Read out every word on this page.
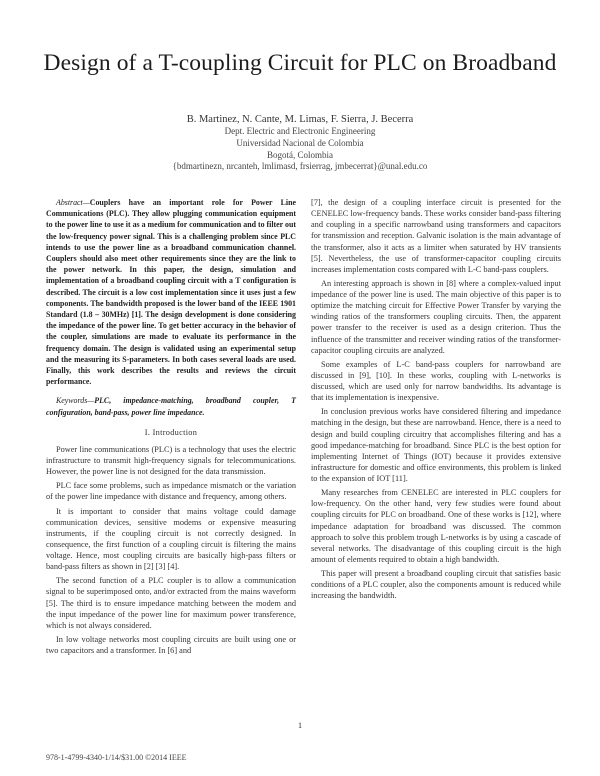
Design of a T-coupling Circuit for PLC on Broadband
B. Martinez, N. Cante, M. Limas, F. Sierra, J. Becerra
Dept. Electric and Electronic Engineering
Universidad Nacional de Colombia
Bogotá, Colombia
{bdmartinezn, nrcanteh, lmlimasd, frsierrag, jmbecerrat}@unal.edu.co

Abstract—Couplers have an important role for Power Line Communications (PLC). They allow plugging communication equipment to the power line to use it as a medium for communication and to filter out the low-frequency power signal. This is a challenging problem since PLC intends to use the power line as a broadband communication channel. Couplers should also meet other requirements since they are the link to the power network. In this paper, the design, simulation and implementation of a broadband coupling circuit with a T configuration is described. The circuit is a low cost implementation since it uses just a few components. The bandwidth proposed is the lower band of the IEEE 1901 Standard (1.8 – 30MHz) [1]. The design development is done considering the impedance of the power line. To get better accuracy in the behavior of the coupler, simulations are made to evaluate its performance in the frequency domain. The design is validated using an experimental setup and the measuring its S-parameters. In both cases several loads are used. Finally, this work describes the results and reviews the circuit performance.

Keywords—PLC, impedance-matching, broadband coupler, T configuration, band-pass, power line impedance.

I. Introduction

Power line communications (PLC) is a technology that uses the electric infrastructure to transmit high-frequency signals for telecommunications. However, the power line is not designed for the data transmission.

PLC face some problems, such as impedance mismatch or the variation of the power line impedance with distance and frequency, among others.

It is important to consider that mains voltage could damage communication devices, sensitive modems or expensive measuring instruments, if the coupling circuit is not correctly designed. In consequence, the first function of a coupling circuit is filtering the mains voltage. Hence, most coupling circuits are basically high-pass filters or band-pass filters as shown in [2] [3] [4].

The second function of a PLC coupler is to allow a communication signal to be superimposed onto, and/or extracted from the mains waveform [5]. The third is to ensure impedance matching between the modem and the input impedance of the power line for maximum power transference, which is not always considered.

In low voltage networks most coupling circuits are built using one or two capacitors and a transformer. In [6] and

[7], the design of a coupling interface circuit is presented for the CENELEC low-frequency bands. These works consider band-pass filtering and coupling in a specific narrowband using transformers and capacitors for transmission and reception. Galvanic isolation is the main advantage of the transformer, also it acts as a limiter when saturated by HV transients [5]. Nevertheless, the use of transformer-capacitor coupling circuits increases implementation costs compared with L-C band-pass couplers.

An interesting approach is shown in [8] where a complex-valued input impedance of the power line is used. The main objective of this paper is to optimize the matching circuit for Effective Power Transfer by varying the winding ratios of the transformers coupling circuits. Then, the apparent power transfer to the receiver is used as a design criterion. Thus the influence of the transmitter and receiver winding ratios of the transformer-capacitor coupling circuits are analyzed.

Some examples of L-C band-pass couplers for narrowband are discussed in [9], [10]. In these works, coupling with L-networks is discussed, which are used only for narrow bandwidths. Its advantage is that its implementation is inexpensive.

In conclusion previous works have considered filtering and impedance matching in the design, but these are narrowband. Hence, there is a need to design and build coupling circuitry that accomplishes filtering and has a good impedance-matching for broadband. Since PLC is the best option for implementing Internet of Things (IOT) because it provides extensive infrastructure for domestic and office environments, this problem is linked to the expansion of IOT [11].

Many researches from CENELEC are interested in PLC couplers for low-frequency. On the other hand, very few studies were found about coupling circuits for PLC on broadband. One of these works is [12], where impedance adaptation for broadband was discussed. The common approach to solve this problem trough L-networks is by using a cascade of several networks. The disadvantage of this coupling circuit is the high amount of elements required to obtain a high bandwidth.

This paper will present a broadband coupling circuit that satisfies basic conditions of a PLC coupler, also the components amount is reduced while increasing the bandwidth.

1
978-1-4799-4340-1/14/$31.00 ©2014 IEEE
